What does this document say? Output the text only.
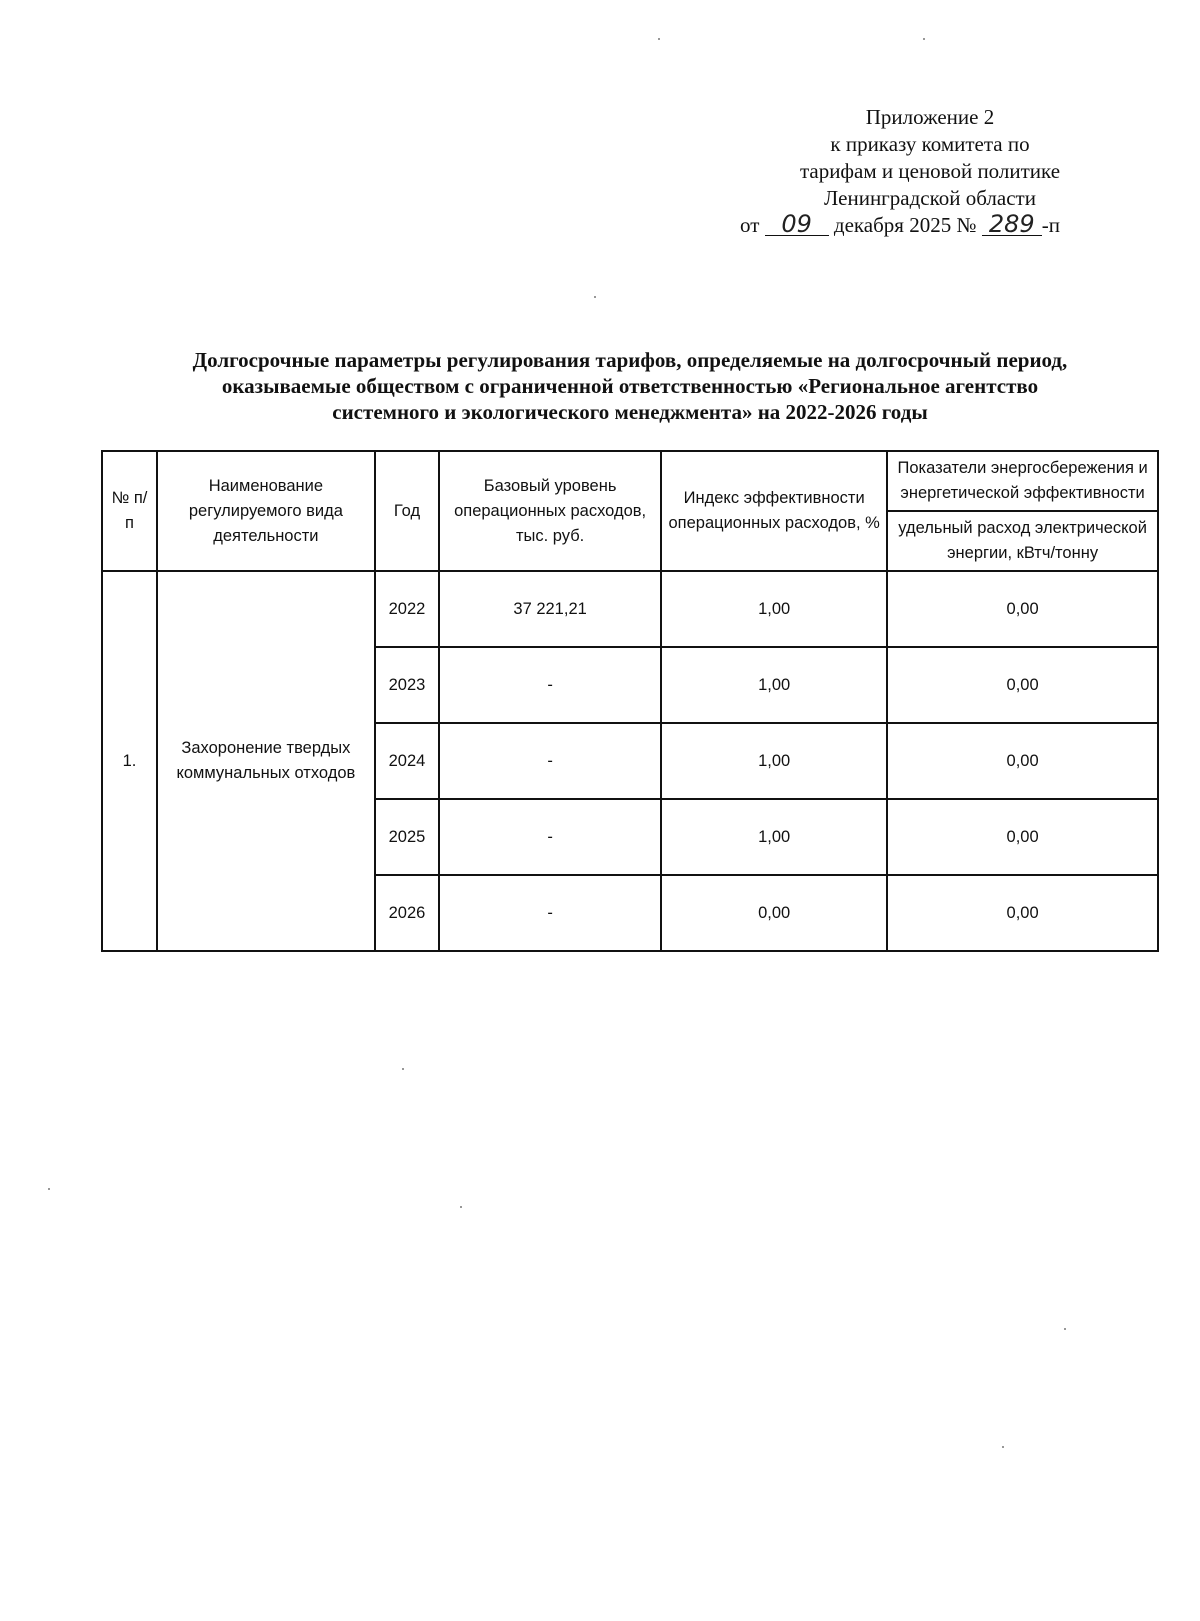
Приложение 2
к приказу комитета по
тарифам и ценовой политике
Ленинградской области
от 09 декабря 2025 № 289 -п
Долгосрочные параметры регулирования тарифов, определяемые на долгосрочный период,
оказываемые обществом с ограниченной ответственностью «Региональное агентство
системного и экологического менеджмента» на 2022-2026 годы
№ п/п	Наименование регулируемого вида деятельности	Год	Базовый уровень операционных расходов, тыс. руб.	Индекс эффективности операционных расходов, %	Показатели энергосбережения и энергетической эффективности
					удельный расход электрической энергии, кВтч/тонну
1.	Захоронение твердых коммунальных отходов	2022	37 221,21	1,00	0,00
		2023	-	1,00	0,00
		2024	-	1,00	0,00
		2025	-	1,00	0,00
		2026	-	0,00	0,00
